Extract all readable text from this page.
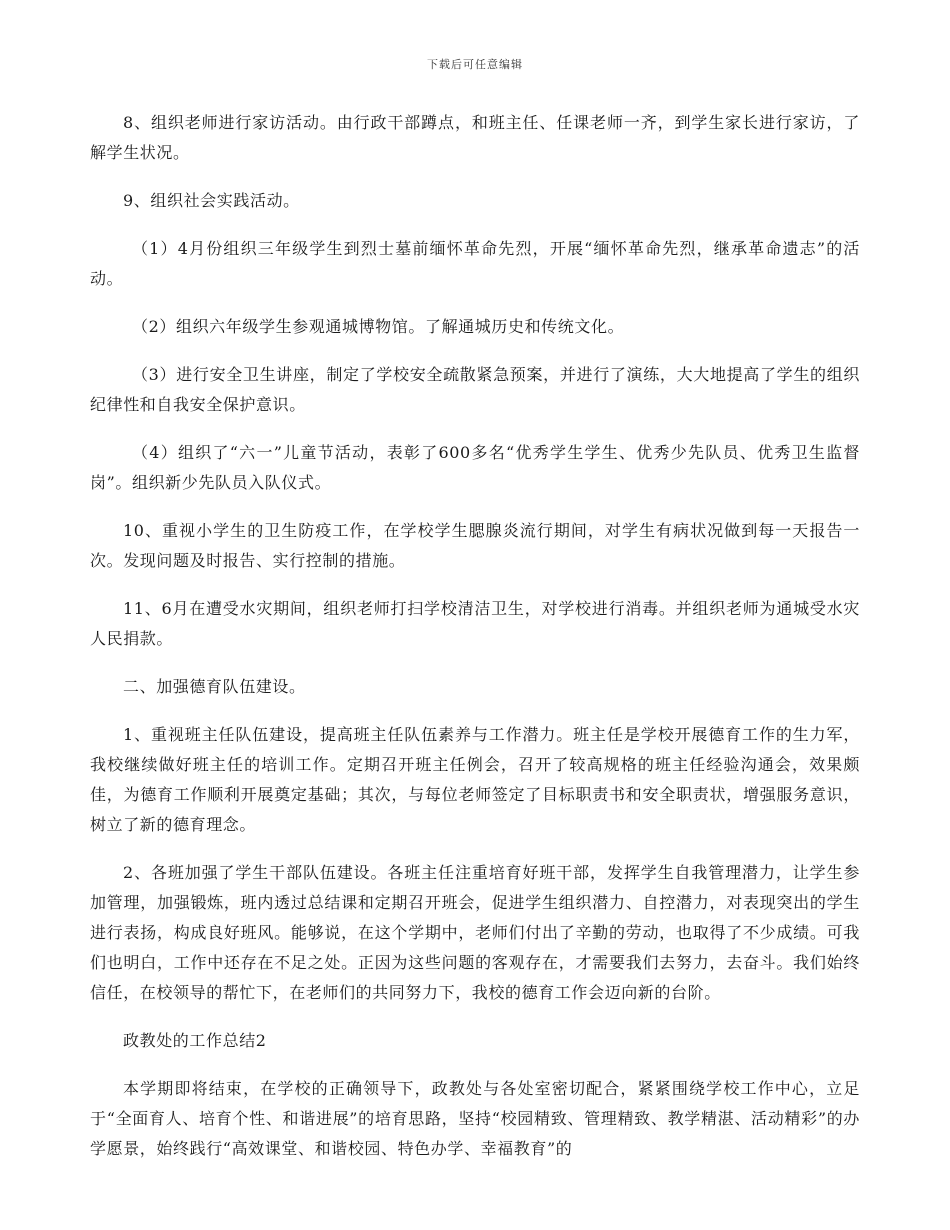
下载后可任意编辑

8、组织老师进行家访活动。由行政干部蹲点，和班主任、任课老师一齐，到学生家长进行家访，了解学生状况。

9、组织社会实践活动。

（1）4月份组织三年级学生到烈士墓前缅怀革命先烈，开展“缅怀革命先烈，继承革命遗志”的活动。

（2）组织六年级学生参观通城博物馆。了解通城历史和传统文化。

（3）进行安全卫生讲座，制定了学校安全疏散紧急预案，并进行了演练，大大地提高了学生的组织纪律性和自我安全保护意识。

（4）组织了“六一”儿童节活动，表彰了600多名“优秀学生学生、优秀少先队员、优秀卫生监督岗”。组织新少先队员入队仪式。

10、重视小学生的卫生防疫工作，在学校学生腮腺炎流行期间，对学生有病状况做到每一天报告一次。发现问题及时报告、实行控制的措施。

11、6月在遭受水灾期间，组织老师打扫学校清洁卫生，对学校进行消毒。并组织老师为通城受水灾人民捐款。

二、加强德育队伍建设。

1、重视班主任队伍建设，提高班主任队伍素养与工作潜力。班主任是学校开展德育工作的生力军，我校继续做好班主任的培训工作。定期召开班主任例会，召开了较高规格的班主任经验沟通会，效果颇佳，为德育工作顺利开展奠定基础；其次，与每位老师签定了目标职责书和安全职责状，增强服务意识，树立了新的德育理念。

2、各班加强了学生干部队伍建设。各班主任注重培育好班干部，发挥学生自我管理潜力，让学生参加管理，加强锻炼，班内透过总结课和定期召开班会，促进学生组织潜力、自控潜力，对表现突出的学生进行表扬，构成良好班风。能够说，在这个学期中，老师们付出了辛勤的劳动，也取得了不少成绩。可我们也明白，工作中还存在不足之处。正因为这些问题的客观存在，才需要我们去努力，去奋斗。我们始终信任，在校领导的帮忙下，在老师们的共同努力下，我校的德育工作会迈向新的台阶。

政教处的工作总结2

本学期即将结束，在学校的正确领导下，政教处与各处室密切配合，紧紧围绕学校工作中心，立足于“全面育人、培育个性、和谐进展”的培育思路，坚持“校园精致、管理精致、教学精湛、活动精彩”的办学愿景，始终践行“高效课堂、和谐校园、特色办学、幸福教育”的
